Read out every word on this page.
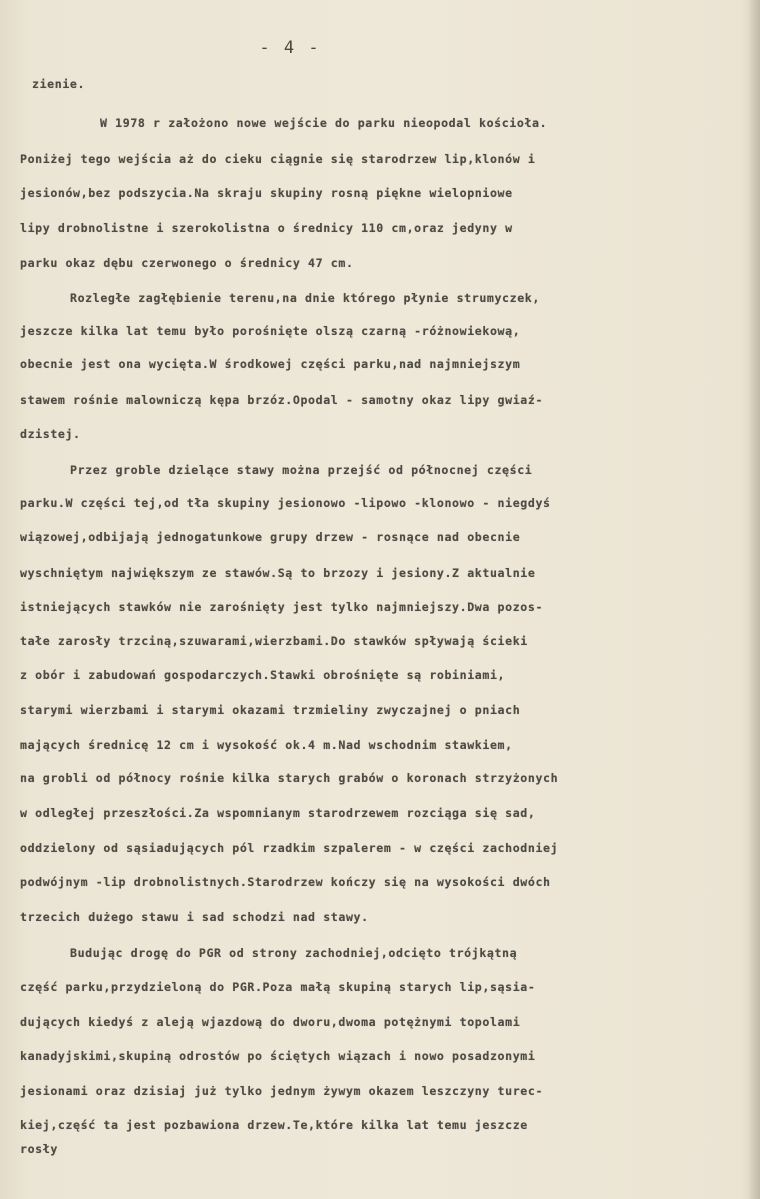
- 4 -
zienie.
W 1978 r założono nowe wejście do parku nieopodal kościoła.
Poniżej tego wejścia aż do cieku ciągnie się starodrzew lip,klonów i
jesionów,bez podszycia.Na skraju skupiny rosną piękne wielopniowe
lipy drobnolistne i szerokolistna o średnicy 110 cm,oraz jedyny w
parku okaz dębu czerwonego o średnicy 47 cm.
Rozległe zagłębienie terenu,na dnie którego płynie strumyczek,
jeszcze kilka lat temu było porośnięte olszą czarną -różnowiekową,
obecnie jest ona wycięta.W środkowej części parku,nad najmniejszym
stawem rośnie malowniczą kępa brzóz.Opodal - samotny okaz lipy gwiaź-
dzistej.
Przez groble dzielące stawy można przejść od północnej części
parku.W części tej,od tła skupiny jesionowo -lipowo -klonowo - niegdyś
wiązowej,odbijają jednogatunkowe grupy drzew - rosnące nad obecnie
wyschniętym największym ze stawów.Są to brzozy i jesiony.Z aktualnie
istniejących stawków nie zarośnięty jest tylko najmniejszy.Dwa pozos-
tałe zarosły trzciną,szuwarami,wierzbami.Do stawków spływają ścieki
z obór i zabudowań gospodarczych.Stawki obrośnięte są robiniami,
starymi wierzbami i starymi okazami trzmieliny zwyczajnej o pniach
mających średnicę 12 cm i wysokość ok.4 m.Nad wschodnim stawkiem,
na grobli od północy rośnie kilka starych grabów o koronach strzyżonych
w odległej przeszłości.Za wspomnianym starodrzewem rozciąga się sad,
oddzielony od sąsiadujących pól rzadkim szpalerem - w części zachodniej
podwójnym -lip drobnolistnych.Starodrzew kończy się na wysokości dwóch
trzecich dużego stawu i sad schodzi nad stawy.
Budując drogę do PGR od strony zachodniej,odcięto trójkątną
część parku,przydzieloną do PGR.Poza małą skupiną starych lip,sąsia-
dujących kiedyś z aleją wjazdową do dworu,dwoma potężnymi topolami
kanadyjskimi,skupiną odrostów po ściętych wiązach i nowo posadzonymi
jesionami oraz dzisiaj już tylko jednym żywym okazem leszczyny turec-
kiej,część ta jest pozbawiona drzew.Te,które kilka lat temu jeszcze
rosły
